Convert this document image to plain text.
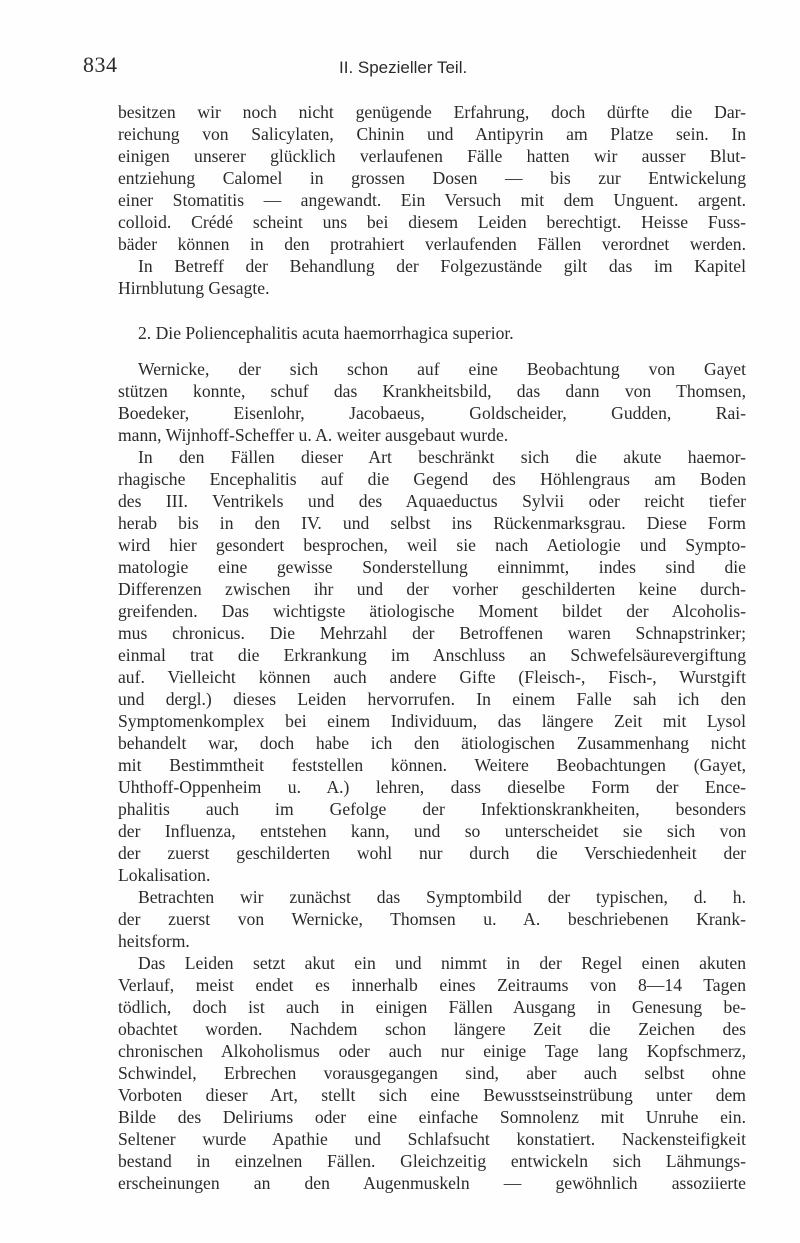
834	II. Spezieller Teil.
besitzen wir noch nicht genügende Erfahrung, doch dürfte die Dar-
reichung von Salicylaten, Chinin und Antipyrin am Platze sein. In
einigen unserer glücklich verlaufenen Fälle hatten wir ausser Blut-
entziehung Calomel in grossen Dosen — bis zur Entwickelung
einer Stomatitis — angewandt. Ein Versuch mit dem Unguent. argent.
colloid. Crédé scheint uns bei diesem Leiden berechtigt. Heisse Fuss-
bäder können in den protrahiert verlaufenden Fällen verordnet werden.
In Betreff der Behandlung der Folgezustände gilt das im Kapitel
Hirnblutung Gesagte.
2. Die Poliencephalitis acuta haemorrhagica superior.
Wernicke, der sich schon auf eine Beobachtung von Gayet
stützen konnte, schuf das Krankheitsbild, das dann von Thomsen,
Boedeker, Eisenlohr, Jacobaeus, Goldscheider, Gudden, Rai-
mann, Wijnhoff-Scheffer u. A. weiter ausgebaut wurde.
In den Fällen dieser Art beschränkt sich die akute haemor-
rhagische Encephalitis auf die Gegend des Höhlengraus am Boden
des III. Ventrikels und des Aquaeductus Sylvii oder reicht tiefer
herab bis in den IV. und selbst ins Rückenmarksgrau. Diese Form
wird hier gesondert besprochen, weil sie nach Aetiologie und Sympto-
matologie eine gewisse Sonderstellung einnimmt, indes sind die
Differenzen zwischen ihr und der vorher geschilderten keine durch-
greifenden. Das wichtigste ätiologische Moment bildet der Alcoholis-
mus chronicus. Die Mehrzahl der Betroffenen waren Schnapstrinker;
einmal trat die Erkrankung im Anschluss an Schwefelsäurevergiftung
auf. Vielleicht können auch andere Gifte (Fleisch-, Fisch-, Wurstgift
und dergl.) dieses Leiden hervorrufen. In einem Falle sah ich den
Symptomenkomplex bei einem Individuum, das längere Zeit mit Lysol
behandelt war, doch habe ich den ätiologischen Zusammenhang nicht
mit Bestimmtheit feststellen können. Weitere Beobachtungen (Gayet,
Uhthoff-Oppenheim u. A.) lehren, dass dieselbe Form der Ence-
phalitis auch im Gefolge der Infektionskrankheiten, besonders
der Influenza, entstehen kann, und so unterscheidet sie sich von
der zuerst geschilderten wohl nur durch die Verschiedenheit der
Lokalisation.
Betrachten wir zunächst das Symptombild der typischen, d. h.
der zuerst von Wernicke, Thomsen u. A. beschriebenen Krank-
heitsform.
Das Leiden setzt akut ein und nimmt in der Regel einen akuten
Verlauf, meist endet es innerhalb eines Zeitraums von 8—14 Tagen
tödlich, doch ist auch in einigen Fällen Ausgang in Genesung be-
obachtet worden. Nachdem schon längere Zeit die Zeichen des
chronischen Alkoholismus oder auch nur einige Tage lang Kopfschmerz,
Schwindel, Erbrechen vorausgegangen sind, aber auch selbst ohne
Vorboten dieser Art, stellt sich eine Bewusstseinstrübung unter dem
Bilde des Deliriums oder eine einfache Somnolenz mit Unruhe ein.
Seltener wurde Apathie und Schlafsucht konstatiert. Nackensteifigkeit
bestand in einzelnen Fällen. Gleichzeitig entwickeln sich Lähmungs-
erscheinungen an den Augenmuskeln — gewöhnlich assoziierte
